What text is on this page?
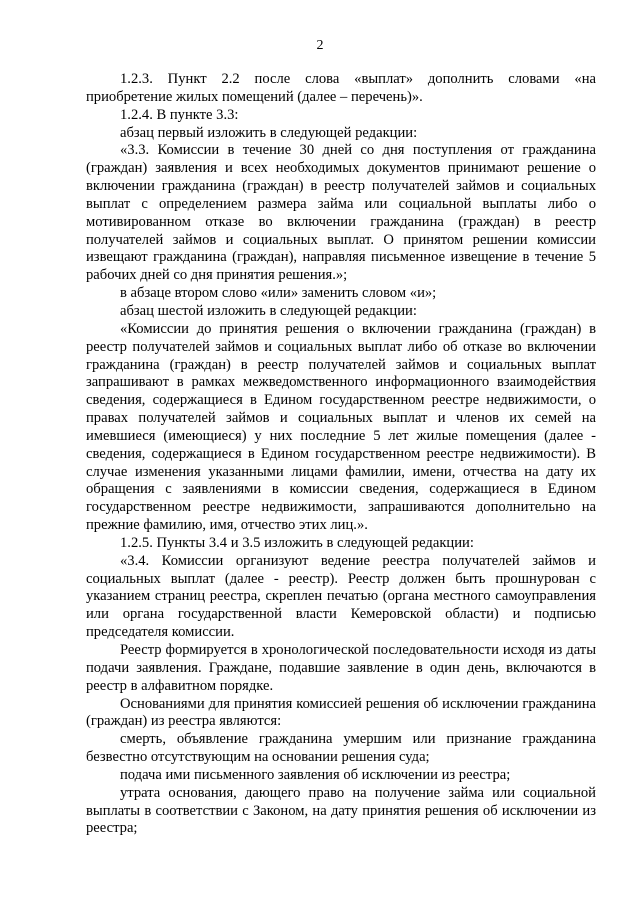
2

1.2.3. Пункт 2.2 после слова «выплат» дополнить словами «на приобретение жилых помещений (далее – перечень)».

1.2.4. В пункте 3.3:

абзац первый изложить в следующей редакции:

«3.3. Комиссии в течение 30 дней со дня поступления от гражданина (граждан) заявления и всех необходимых документов принимают решение о включении гражданина (граждан) в реестр получателей займов и социальных выплат с определением размера займа или социальной выплаты либо о мотивированном отказе во включении гражданина (граждан) в реестр получателей займов и социальных выплат. О принятом решении комиссии извещают гражданина (граждан), направляя письменное извещение в течение 5 рабочих дней со дня принятия решения.»;

в абзаце втором слово «или» заменить словом «и»;

абзац шестой изложить в следующей редакции:

«Комиссии до принятия решения о включении гражданина (граждан) в реестр получателей займов и социальных выплат либо об отказе во включении гражданина (граждан) в реестр получателей займов и социальных выплат запрашивают в рамках межведомственного информационного взаимодействия сведения, содержащиеся в Едином государственном реестре недвижимости, о правах получателей займов и социальных выплат и членов их семей на имевшиеся (имеющиеся) у них последние 5 лет жилые помещения (далее - сведения, содержащиеся в Едином государственном реестре недвижимости). В случае изменения указанными лицами фамилии, имени, отчества на дату их обращения с заявлениями в комиссии сведения, содержащиеся в Едином государственном реестре недвижимости, запрашиваются дополнительно на прежние фамилию, имя, отчество этих лиц.».

1.2.5. Пункты 3.4 и 3.5 изложить в следующей редакции:

«3.4. Комиссии организуют ведение реестра получателей займов и социальных выплат (далее - реестр). Реестр должен быть прошнурован с указанием страниц реестра, скреплен печатью (органа местного самоуправления или органа государственной власти Кемеровской области) и подписью председателя комиссии.

Реестр формируется в хронологической последовательности исходя из даты подачи заявления. Граждане, подавшие заявление в один день, включаются в реестр в алфавитном порядке.

Основаниями для принятия комиссией решения об исключении гражданина (граждан) из реестра являются:

смерть, объявление гражданина умершим или признание гражданина безвестно отсутствующим на основании решения суда;

подача ими письменного заявления об исключении из реестра;

утрата основания, дающего право на получение займа или социальной выплаты в соответствии с Законом, на дату принятия решения об исключении из реестра;
